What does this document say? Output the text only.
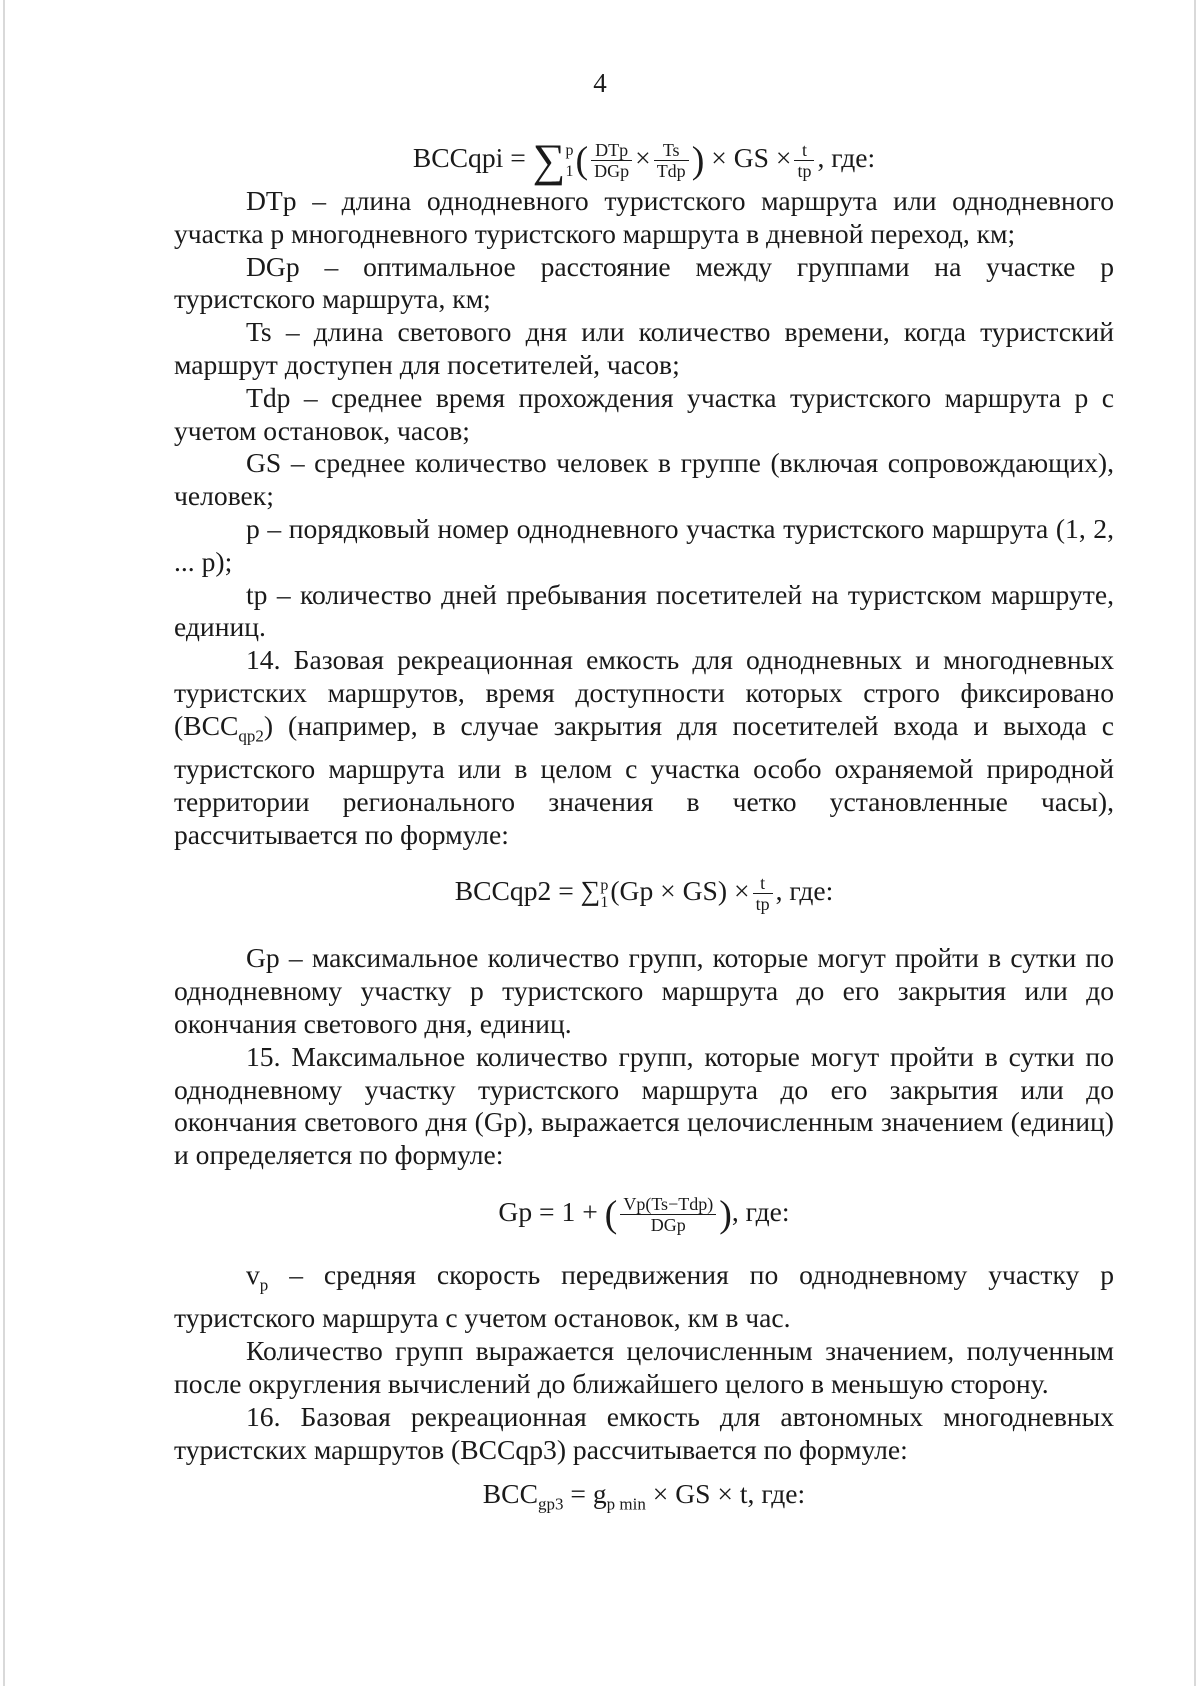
4

BCCqpi = ∑ p
1 ( $\frac{\text{DTp}}{\text{DGp}} \times \frac{Ts}{\text{Tdp}}$ ) × GS × $\frac{t}{tp}$ , где:

DTp – длина однодневного туристского маршрута или однодневного участка р многодневного туристского маршрута в дневной переход, км;

DGp – оптимальное расстояние между группами на участке р туристского маршрута, км;

Ts – длина светового дня или количество времени, когда туристский маршрут доступен для посетителей, часов;

Tdp – среднее время прохождения участка туристского маршрута р с учетом остановок, часов;

GS – среднее количество человек в группе (включая сопровождающих), человек;

р – порядковый номер однодневного участка туристского маршрута (1, 2, ... p);

tp – количество дней пребывания посетителей на туристском маршруте, единиц.

14. Базовая рекреационная емкость для однодневных и многодневных туристских маршрутов, время доступности которых строго фиксировано $(BCC_{qp2})$ (например, в случае закрытия для посетителей входа и выхода с туристского маршрута или в целом с участка особо охраняемой природной территории регионального значения в четко установленные часы), рассчитывается по формуле:

BCCqp2 = ∑ p
1 $(Gp \times GS) \times \frac{t}{tp}$ , где:

Gp – максимальное количество групп, которые могут пройти в сутки по однодневному участку р туристского маршрута до его закрытия или до окончания светового дня, единиц.

15. Максимальное количество групп, которые могут пройти в сутки по однодневному участку туристского маршрута до его закрытия или до окончания светового дня (Gp), выражается целочисленным значением (единиц) и определяется по формуле:

Gp = 1 + ( $\frac{\text{Vp(Ts−Tdp)}}{\text{DGp}}$ ), где:

$v_p$ – средняя скорость передвижения по однодневному участку р туристского маршрута с учетом остановок, км в час.

Количество групп выражается целочисленным значением, полученным после округления вычислений до ближайшего целого в меньшую сторону.

16. Базовая рекреационная емкость для автономных многодневных туристских маршрутов (BCCqp3) рассчитывается по формуле:

$BCC_{gp3} = g_{p min}$ × GS × t, где:
